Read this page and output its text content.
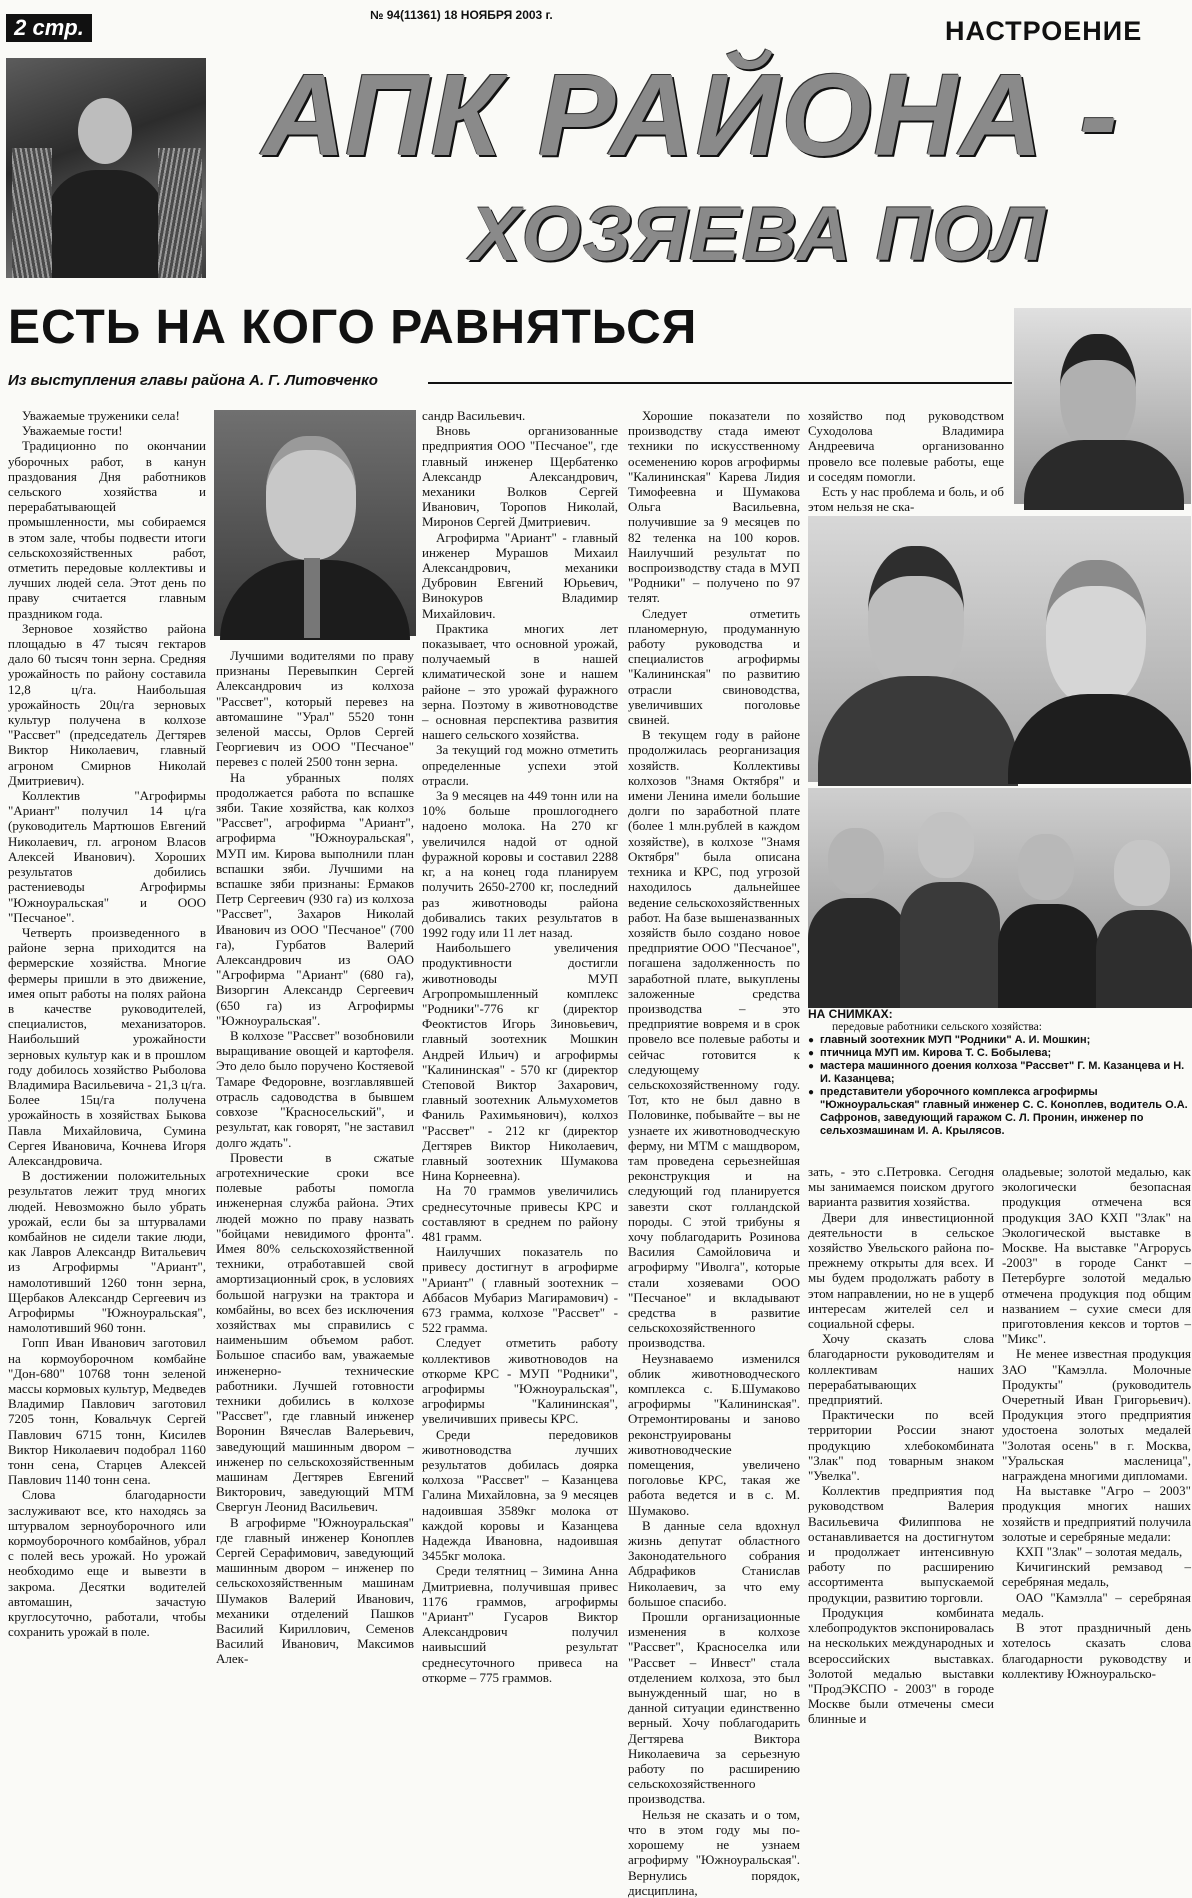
2 стр.	№ 94(11361) 18 НОЯБРЯ 2003 г.
НАСТРОЕНИЕ
АПК РАЙОНА -
ХОЗЯЕВА ПОЛ
ЕСТЬ НА КОГО РАВНЯТЬСЯ
Из выступления главы района А. Г. Литовченко

Уважаемые труженики села!

Уважаемые гости!

Традиционно по окончании уборочных работ, в канун праздования Дня работников сельского хозяйства и перерабатывающей промышленности, мы собираемся в этом зале, чтобы подвести итоги сельскохозяйственных работ, отметить передовые коллективы и лучших людей села. Этот день по праву считается главным праздником года.

Зерновое хозяйство района площадью в 47 тысяч гектаров дало 60 тысяч тонн зерна. Средняя урожайность по району составила 12,8 ц/га. Наибольшая урожайность 20ц/га зерновых культур получена в колхозе "Рассвет" (председатель Дегтярев Виктор Николаевич, главный агроном Смирнов Николай Дмитриевич).

Коллектив "Агрофирмы "Ариант" получил 14 ц/га (руководитель Мартюшов Евгений Николаевич, гл. агроном Власов Алексей Иванович). Хороших результатов добились растениеводы Агрофирмы "Южноуральская" и ООО "Песчаное".

Четверть произведенного в районе зерна приходится на фермерские хозяйства. Многие фермеры пришли в это движение, имея опыт работы на полях района в качестве руководителей, специалистов, механизаторов. Наибольший урожайности зерновых культур как и в прошлом году добилось хозяйство Рыболова Владимира Васильевича - 21,3 ц/га. Более 15ц/га получена урожайность в хозяйствах Быкова Павла Михайловича, Сумина Сергея Ивановича, Кочнева Игоря Александровича.

В достижении положительных результатов лежит труд многих людей. Невозможно было убрать урожай, если бы за штурвалами комбайнов не сидели такие люди, как Лавров Александр Витальевич из Агрофирмы "Ариант", намолотивший 1260 тонн зерна, Щербаков Александр Сергеевич из Агрофирмы "Южноуральская", намолотивший 960 тонн.

Гопп Иван Иванович заготовил на кормоуборочном комбайне "Дон-680" 10768 тонн зеленой массы кормовых культур, Медведев Владимир Павлович заготовил 7205 тонн, Ковальчук Сергей Павлович 6715 тонн, Кисилев Виктор Николаевич подобрал 1160 тонн сена, Старцев Алексей Павлович 1140 тонн сена.

Слова благодарности заслуживают все, кто находясь за штурвалом зерноуборочного или кормоуборочного комбайнов, убрал с полей весь урожай. Но урожай необходимо еще и вывезти в закрома. Десятки водителей автомашин, зачастую круглосуточно, работали, чтобы сохранить урожай в поле.

Лучшими водителями по праву признаны Перевыпкин Сергей Александрович из колхоза "Рассвет", который перевез на автомашине "Урал" 5520 тонн зеленой массы, Орлов Сергей Георгиевич из ООО "Песчаное" перевез с полей 2500 тонн зерна.

На убранных полях продолжается работа по вспашке зяби. Такие хозяйства, как колхоз "Рассвет", агрофирма "Ариант", агрофирма "Южноуральская", МУП им. Кирова выполнили план вспашки зяби. Лучшими на вспашке зяби признаны: Ермаков Петр Сергеевич (930 га) из колхоза "Рассвет", Захаров Николай Иванович из ООО "Песчаное" (700 га), Гурбатов Валерий Александрович из ОАО "Агрофирма "Ариант" (680 га), Визоргин Александр Сергеевич (650 га) из Агрофирмы "Южноуральская".

В колхозе "Рассвет" возобновили выращивание овощей и картофеля. Это дело было поручено Костяевой Тамаре Федоровне, возглавлявшей отрасль садоводства в бывшем совхозе "Красносельский", и результат, как говорят, "не заставил долго ждать".

Провести в сжатые агротехнические сроки все полевые работы помогла инженерная служба района. Этих людей можно по праву назвать "бойцами невидимого фронта". Имея 80% сельскохозяйственной техники, отработавшей свой амортизационный срок, в условиях большой нагрузки на трактора и комбайны, во всех без исключения хозяйствах мы справились с наименьшим объемом работ. Большое спасибо вам, уважаемые инженерно- технические работники. Лучшей готовности техники добились в колхозе "Рассвет", где главный инженер Воронин Вячеслав Валерьевич, заведующий машинным двором – инженер по сельскохозяйственным машинам Дегтярев Евгений Викторович, заведующий МТМ Свергун Леонид Васильевич.

В агрофирме "Южноуральская" где главный инженер Коноплев Сергей Серафимович, заведующий машинным двором – инженер по сельскохозяйственным машинам Шумаков Валерий Иванович, механики отделений Пашков Василий Кириллович, Семенов Василий Иванович, Максимов Алек-

сандр Васильевич.

Вновь организованные предприятия ООО "Песчаное", где главный инженер Щербатенко Александр Александрович, механики Волков Сергей Иванович, Торопов Николай, Миронов Сергей Дмитриевич.

Агрофирма "Ариант" - главный инженер Мурашов Михаил Александрович, механики Дубровин Евгений Юрьевич, Винокуров Владимир Михайлович.

Практика многих лет показывает, что основной урожай, получаемый в нашей климатической зоне и нашем районе – это урожай фуражного зерна. Поэтому в животноводстве – основная перспектива развития нашего сельского хозяйства.

За текущий год можно отметить определенные успехи этой отрасли.

За 9 месяцев на 449 тонн или на 10% больше прошлогоднего надоено молока. На 270 кг увеличился надой от одной фуражной коровы и составил 2288 кг, а на конец года планируем получить 2650-2700 кг, последний раз животноводы района добивались таких результатов в 1992 году или 11 лет назад.

Наибольшего увеличения продуктивности достигли животноводы МУП Агропромышленный комплекс "Родники"-776 кг (директор Феоктистов Игорь Зиновьевич, главный зоотехник Мошкин Андрей Ильич) и агрофирмы "Калининская" - 570 кг (директор Степовой Виктор Захарович, главный зоотехник Альмухометов Фаниль Рахимьянович), колхоз "Рассвет" - 212 кг (директор Дегтярев Виктор Николаевич, главный зоотехник Шумакова Нина Корнеевна).

На 70 граммов увеличились среднесуточные привесы КРС и составляют в среднем по району 481 грамм.

Наилучших показатель по привесу достигнут в агрофирме "Ариант" ( главный зоотехник – Аббасов Мубариз Магирамович) - 673 грамма, колхозе "Рассвет" - 522 грамма.

Следует отметить работу коллективов животноводов на откорме КРС - МУП "Родники", агрофирмы "Южноуральская", агрофирмы "Калининская", увеличивших привесы КРС.

Среди передовиков животноводства лучших результатов добилась доярка колхоза "Рассвет" – Казанцева Галина Михайловна, за 9 месяцев надоившая 3589кг молока от каждой коровы и Казанцева Надежда Ивановна, надоившая 3455кг молока.

Среди телятниц – Зимина Анна Дмитриевна, получившая привес 1176 граммов, агрофирмы "Ариант" Гусаров Виктор Александрович получил наивысший результат среднесуточного привеса на откорме – 775 граммов.

Хорошие показатели по производству стада имеют техники по искусственному осеменению коров агрофирмы "Калининская" Карева Лидия Тимофеевна и Шумакова Ольга Васильевна, получившие за 9 месяцев по 82 теленка на 100 коров. Наилучший результат по воспроизводству стада в МУП "Родники" – получено по 97 телят.

Следует отметить планомерную, продуманную работу руководства и специалистов агрофирмы "Калининская" по развитию отрасли свиноводства, увеличивших поголовье свиней.

В текущем году в районе продолжилась реорганизация хозяйств. Коллективы колхозов "Знамя Октября" и имени Ленина имели большие долги по заработной плате (более 1 млн.рублей в каждом хозяйстве), в колхозе "Знамя Октября" была описана техника и КРС, под угрозой находилось дальнейшее ведение сельскохозяйственных работ. На базе вышеназванных хозяйств было создано новое предприятие ООО "Песчаное", погашена задолженность по заработной плате, выкуплены заложенные средства производства – это предприятие вовремя и в срок провело все полевые работы и сейчас готовится к следующему сельскохозяйственному году. Тот, кто не был давно в Половинке, побывайте – вы не узнаете их животноводческую ферму, ни МТМ с машдвором, там проведена серьезнейшая реконструкция и на следующий год планируется завезти скот голландской породы. С этой трибуны я хочу поблагодарить Розинова Василия Самойловича и агрофирму "Иволга", которые стали хозяевами ООО "Песчаное" и вкладывают средства в развитие сельскохозяйственного производства.

Неузнаваемо изменился облик животноводческого комплекса с. Б.Шумаково агрофирмы "Калининская". Отремонтированы и заново реконструированы животноводческие помещения, увеличено поголовье КРС, такая же работа ведется и в с. М. Шумаково.

В данные села вдохнул жизнь депутат областного Законодательного собрания Абдрафиков Станислав Николаевич, за что ему большое спасибо.

Прошли организационные изменения в колхозе "Рассвет", Красноселка или "Рассвет – Инвест" стала отделением колхоза, это был вынужденный шаг, но в данной ситуации единственно верный. Хочу поблагодарить Дегтярева Виктора Николаевича за серьезную работу по расширению сельскохозяйственного производства.

Нельзя не сказать и о том, что в этом году мы по-хорошему не узнаем агрофирму "Южноуральская". Вернулись порядок, дисциплина,

хозяйство под руководством Суходолова Владимира Андреевича организованно провело все полевые работы, еще и соседям помогли.

Есть у нас проблема и боль, и об этом нельзя не ска-

НА СНИМКАХ:
передовые работники сельского хозяйства:
● главный зоотехник МУП "Родники" А. И. Мошкин;
● птичница МУП им. Кирова Т. С. Бобылева;
● мастера машинного доения колхоза "Рассвет" Г. М. Казанцева и Н. И. Казанцева;
● представители уборочного комплекса агрофирмы "Южноуральская" главный инженер С. С. Коноплев, водитель О.А. Сафронов, заведующий гаражом С. Л. Пронин, инженер по сельхозмашинам И. А. Крылясов.

зать, - это с.Петровка. Сегодня мы занимаемся поиском другого варианта развития хозяйства.

Двери для инвестиционной деятельности в сельское хозяйство Увельского района по-прежнему открыты для всех. И мы будем продолжать работу в этом направлении, но не в ущерб интересам жителей сел и социальной сферы.

Хочу сказать слова благодарности руководителям и коллективам наших перерабатывающих предприятий.

Практически по всей территории России знают продукцию хлебокомбината "Злак" под товарным знаком "Увелка".

Коллектив предприятия под руководством Валерия Васильевича Филиппова не останавливается на достигнутом и продолжает интенсивную работу по расширению ассортимента выпускаемой продукции, развитию торговли.

Продукция комбината хлебопродуктов экспонировалась на нескольких международных и всероссийских выставках. Золотой медалью выставки "ПродЭКСПО - 2003" в городе Москве были отмечены смеси блинные и

оладьевые; золотой медалью, как экологически безопасная продукция отмечена вся продукция ЗАО КХП "Злак" на Экологической выставке в Москве. На выставке "Агрорусь -2003" в городе Санкт – Петербурге золотой медалью отмечена продукция под общим названием – сухие смеси для приготовления кексов и тортов – "Микс".

Не менее известная продукция ЗАО "Камэлла. Молочные Продукты" (руководитель Очеретный Иван Григорьевич). Продукция этого предприятия удостоена золотых медалей "Золотая осень" в г. Москва, "Уральская масленица", награждена многими дипломами.

На выставке "Агро – 2003" продукция многих наших хозяйств и предприятий получила золотые и серебряные медали:

КХП "Злак" – золотая медаль,

Кичигинский ремзавод – серебряная медаль,

ОАО "Камэлла" – серебряная медаль.

В этот праздничный день хотелось сказать слова благодарности руководству и коллективу Южноуральско-
